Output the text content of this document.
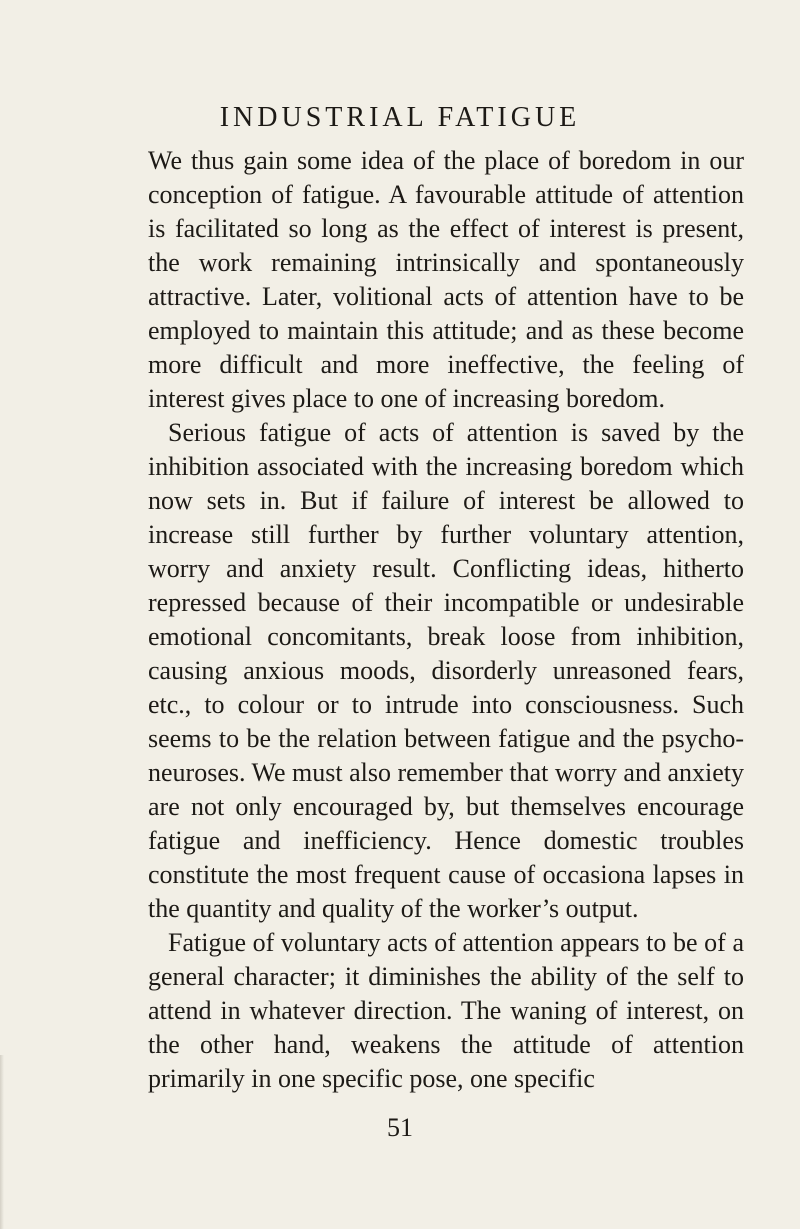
INDUSTRIAL FATIGUE

We thus gain some idea of the place of boredom in our conception of fatigue. A favourable attitude of attention is facilitated so long as the effect of interest is present, the work remaining intrinsically and spontaneously attractive. Later, volitional acts of attention have to be employed to maintain this attitude; and as these become more difficult and more ineffective, the feeling of interest gives place to one of increasing boredom.

Serious fatigue of acts of attention is saved by the inhibition associated with the increasing boredom which now sets in. But if failure of interest be allowed to increase still further by further voluntary attention, worry and anxiety result. Conflicting ideas, hitherto repressed because of their incompatible or undesirable emotional concomitants, break loose from inhibition, causing anxious moods, disorderly unreasoned fears, etc., to colour or to intrude into consciousness. Such seems to be the relation between fatigue and the psycho-neuroses. We must also remember that worry and anxiety are not only encouraged by, but themselves encourage fatigue and inefficiency. Hence domestic troubles constitute the most frequent cause of occasiona lapses in the quantity and quality of the worker’s output.

Fatigue of voluntary acts of attention appears to be of a general character; it diminishes the ability of the self to attend in whatever direction. The waning of interest, on the other hand, weakens the attitude of attention primarily in one specific pose, one specific

51
